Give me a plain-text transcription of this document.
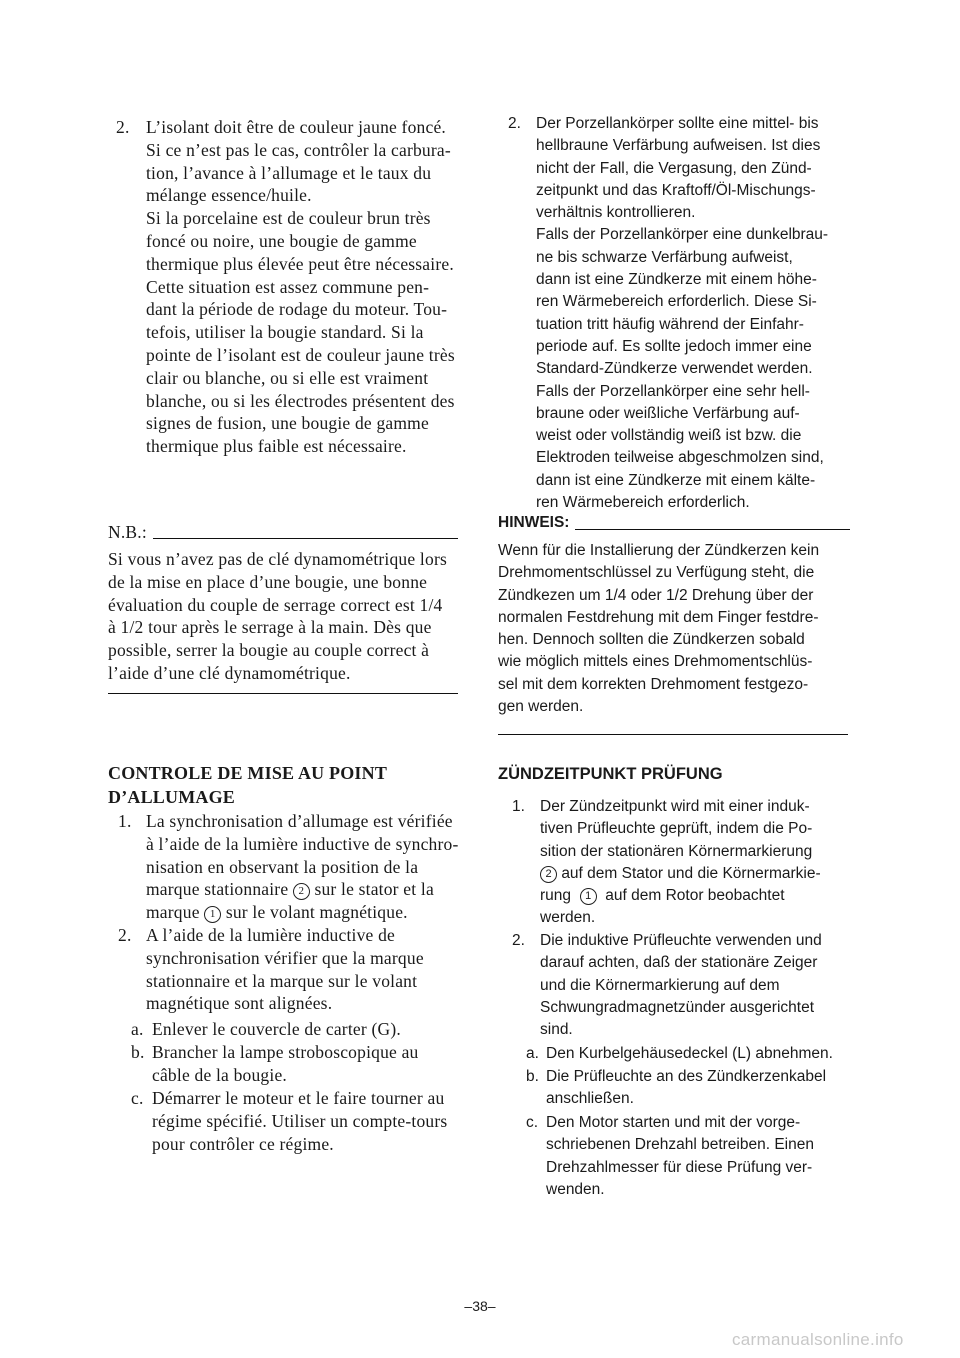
2. L’isolant doit être de couleur jaune foncé.
Si ce n’est pas le cas, contrôler la carbura-
tion, l’avance à l’allumage et le taux du
mélange essence/huile.
Si la porcelaine est de couleur brun très
foncé ou noire, une bougie de gamme
thermique plus élevée peut être nécessaire.
Cette situation est assez commune pen-
dant la période de rodage du moteur. Tou-
tefois, utiliser la bougie standard. Si la
pointe de l’isolant est de couleur jaune très
clair ou blanche, ou si elle est vraiment
blanche, ou si les électrodes présentent des
signes de fusion, une bougie de gamme
thermique plus faible est nécessaire.
N.B.:
Si vous n’avez pas de clé dynamométrique lors
de la mise en place d’une bougie, une bonne
évaluation du couple de serrage correct est 1/4
à 1/2 tour après le serrage à la main. Dès que
possible, serrer la bougie au couple correct à
l’aide d’une clé dynamométrique.
CONTROLE DE MISE AU POINT
D’ALLUMAGE
1. La synchronisation d’allumage est vérifiée
à l’aide de la lumière inductive de synchro-
nisation en observant la position de la
marque stationnaire 2 sur le stator et la
marque 1 sur le volant magnétique.
2. A l’aide de la lumière inductive de
synchronisation vérifier que la marque
stationnaire et la marque sur le volant
magnétique sont alignées.
a. Enlever le couvercle de carter (G).
b. Brancher la lampe stroboscopique au
câble de la bougie.
c. Démarrer le moteur et le faire tourner au
régime spécifié. Utiliser un compte-tours
pour contrôler ce régime.
2. Der Porzellankörper sollte eine mittel- bis
hellbraune Verfärbung aufweisen. Ist dies
nicht der Fall, die Vergasung, den Zünd-
zeitpunkt und das Kraftoff/Öl-Mischungs-
verhältnis kontrollieren.
Falls der Porzellankörper eine dunkelbrau-
ne bis schwarze Verfärbung aufweist,
dann ist eine Zündkerze mit einem höhe-
ren Wärmebereich erforderlich. Diese Si-
tuation tritt häufig während der Einfahr-
periode auf. Es sollte jedoch immer eine
Standard-Zündkerze verwendet werden.
Falls der Porzellankörper eine sehr hell-
braune oder weißliche Verfärbung auf-
weist oder vollständig weiß ist bzw. die
Elektroden teilweise abgeschmolzen sind,
dann ist eine Zündkerze mit einem kälte-
ren Wärmebereich erforderlich.
HINWEIS:
Wenn für die Installierung der Zündkerzen kein
Drehmomentschlüssel zu Verfügung steht, die
Zündkezen um 1/4 oder 1/2 Drehung über der
normalen Festdrehung mit dem Finger festdre-
hen. Dennoch sollten die Zündkerzen sobald
wie möglich mittels eines Drehmomentschlüs-
sel mit dem korrekten Drehmoment festgezo-
gen werden.
ZÜNDZEITPUNKT PRÜFUNG
1. Der Zündzeitpunkt wird mit einer induk-
tiven Prüfleuchte geprüft, indem die Po-
sition der stationären Körnermarkierung
2 auf dem Stator und die Körnermarkie-
rung 1 auf dem Rotor beobachtet
werden.
2. Die induktive Prüfleuchte verwenden und
darauf achten, daß der stationäre Zeiger
und die Körnermarkierung auf dem
Schwungradmagnetzünder ausgerichtet
sind.
a. Den Kurbelgehäusedeckel (L) abnehmen.
b. Die Prüfleuchte an des Zündkerzenkabel
anschließen.
c. Den Motor starten und mit der vorge-
schriebenen Drehzahl betreiben. Einen
Drehzahlmesser für diese Prüfung ver-
wenden.
–38–
carmanualsonline.info
